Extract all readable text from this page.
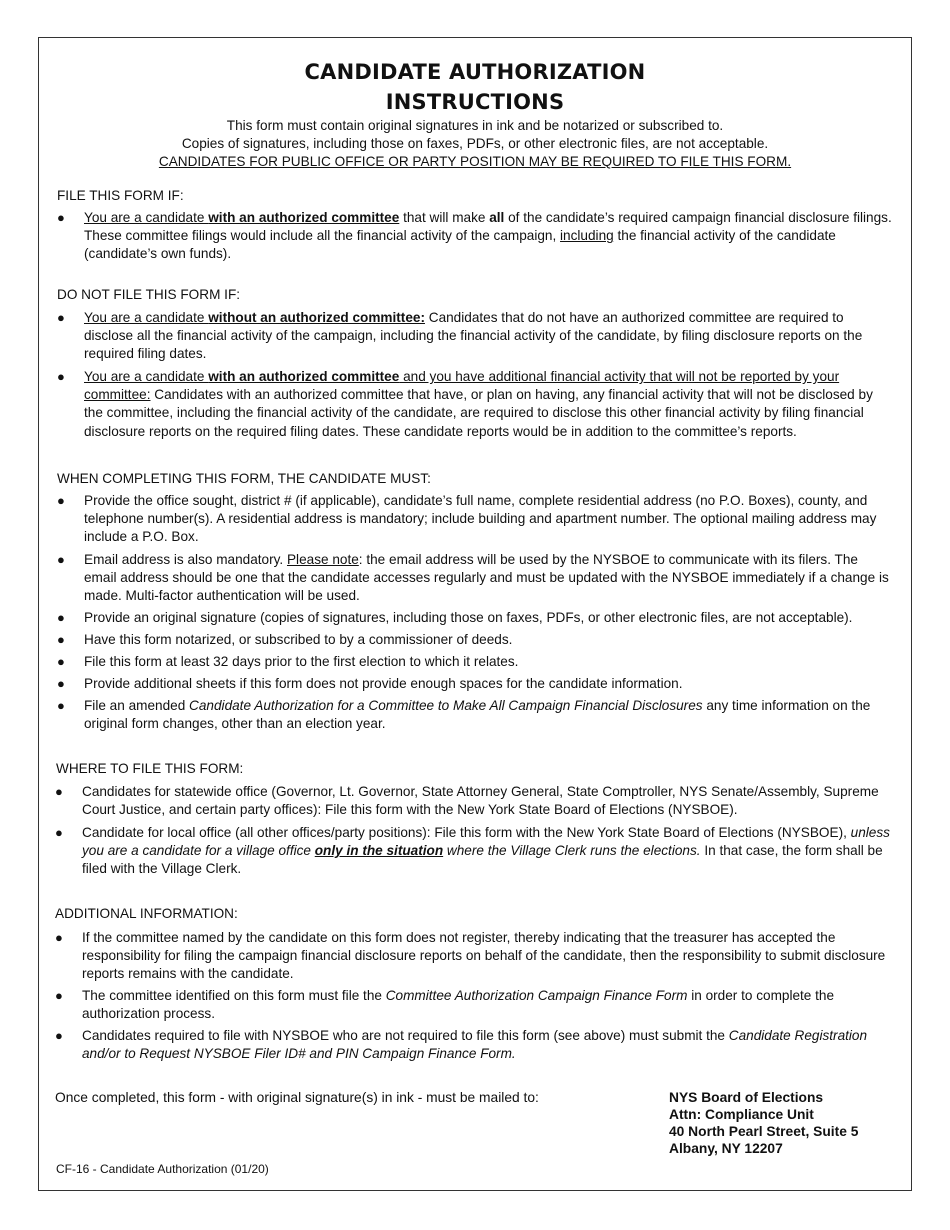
CANDIDATE AUTHORIZATION
INSTRUCTIONS
This form must contain original signatures in ink and be notarized or subscribed to.
Copies of signatures, including those on faxes, PDFs, or other electronic files, are not acceptable.
CANDIDATES FOR PUBLIC OFFICE OR PARTY POSITION MAY BE REQUIRED TO FILE THIS FORM.
FILE THIS FORM IF:
● You are a candidate with an authorized committee that will make all of the candidate’s required campaign financial disclosure filings. These committee filings would include all the financial activity of the campaign, including the financial activity of the candidate (candidate’s own funds).
DO NOT FILE THIS FORM IF:
● You are a candidate without an authorized committee: Candidates that do not have an authorized committee are required to disclose all the financial activity of the campaign, including the financial activity of the candidate, by filing disclosure reports on the required filing dates.
● You are a candidate with an authorized committee and you have additional financial activity that will not be reported by your committee: Candidates with an authorized committee that have, or plan on having, any financial activity that will not be disclosed by the committee, including the financial activity of the candidate, are required to disclose this other financial activity by filing financial disclosure reports on the required filing dates. These candidate reports would be in addition to the committee’s reports.
WHEN COMPLETING THIS FORM, THE CANDIDATE MUST:
● Provide the office sought, district # (if applicable), candidate’s full name, complete residential address (no P.O. Boxes), county, and telephone number(s). A residential address is mandatory; include building and apartment number. The optional mailing address may include a P.O. Box.
● Email address is also mandatory. Please note: the email address will be used by the NYSBOE to communicate with its filers. The email address should be one that the candidate accesses regularly and must be updated with the NYSBOE immediately if a change is made. Multi-factor authentication will be used.
● Provide an original signature (copies of signatures, including those on faxes, PDFs, or other electronic files, are not acceptable).
● Have this form notarized, or subscribed to by a commissioner of deeds.
● File this form at least 32 days prior to the first election to which it relates.
● Provide additional sheets if this form does not provide enough spaces for the candidate information.
● File an amended Candidate Authorization for a Committee to Make All Campaign Financial Disclosures any time information on the original form changes, other than an election year.
WHERE TO FILE THIS FORM:
● Candidates for statewide office (Governor, Lt. Governor, State Attorney General, State Comptroller, NYS Senate/Assembly, Supreme Court Justice, and certain party offices): File this form with the New York State Board of Elections (NYSBOE).
● Candidate for local office (all other offices/party positions): File this form with the New York State Board of Elections (NYSBOE), unless you are a candidate for a village office only in the situation where the Village Clerk runs the elections. In that case, the form shall be filed with the Village Clerk.
ADDITIONAL INFORMATION:
● If the committee named by the candidate on this form does not register, thereby indicating that the treasurer has accepted the responsibility for filing the campaign financial disclosure reports on behalf of the candidate, then the responsibility to submit disclosure reports remains with the candidate.
● The committee identified on this form must file the Committee Authorization Campaign Finance Form in order to complete the authorization process.
● Candidates required to file with NYSBOE who are not required to file this form (see above) must submit the Candidate Registration and/or to Request NYSBOE Filer ID# and PIN Campaign Finance Form.
Once completed, this form - with original signature(s) in ink - must be mailed to:	NYS Board of Elections
Attn: Compliance Unit
40 North Pearl Street, Suite 5
Albany, NY 12207
CF-16 - Candidate Authorization (01/20)
